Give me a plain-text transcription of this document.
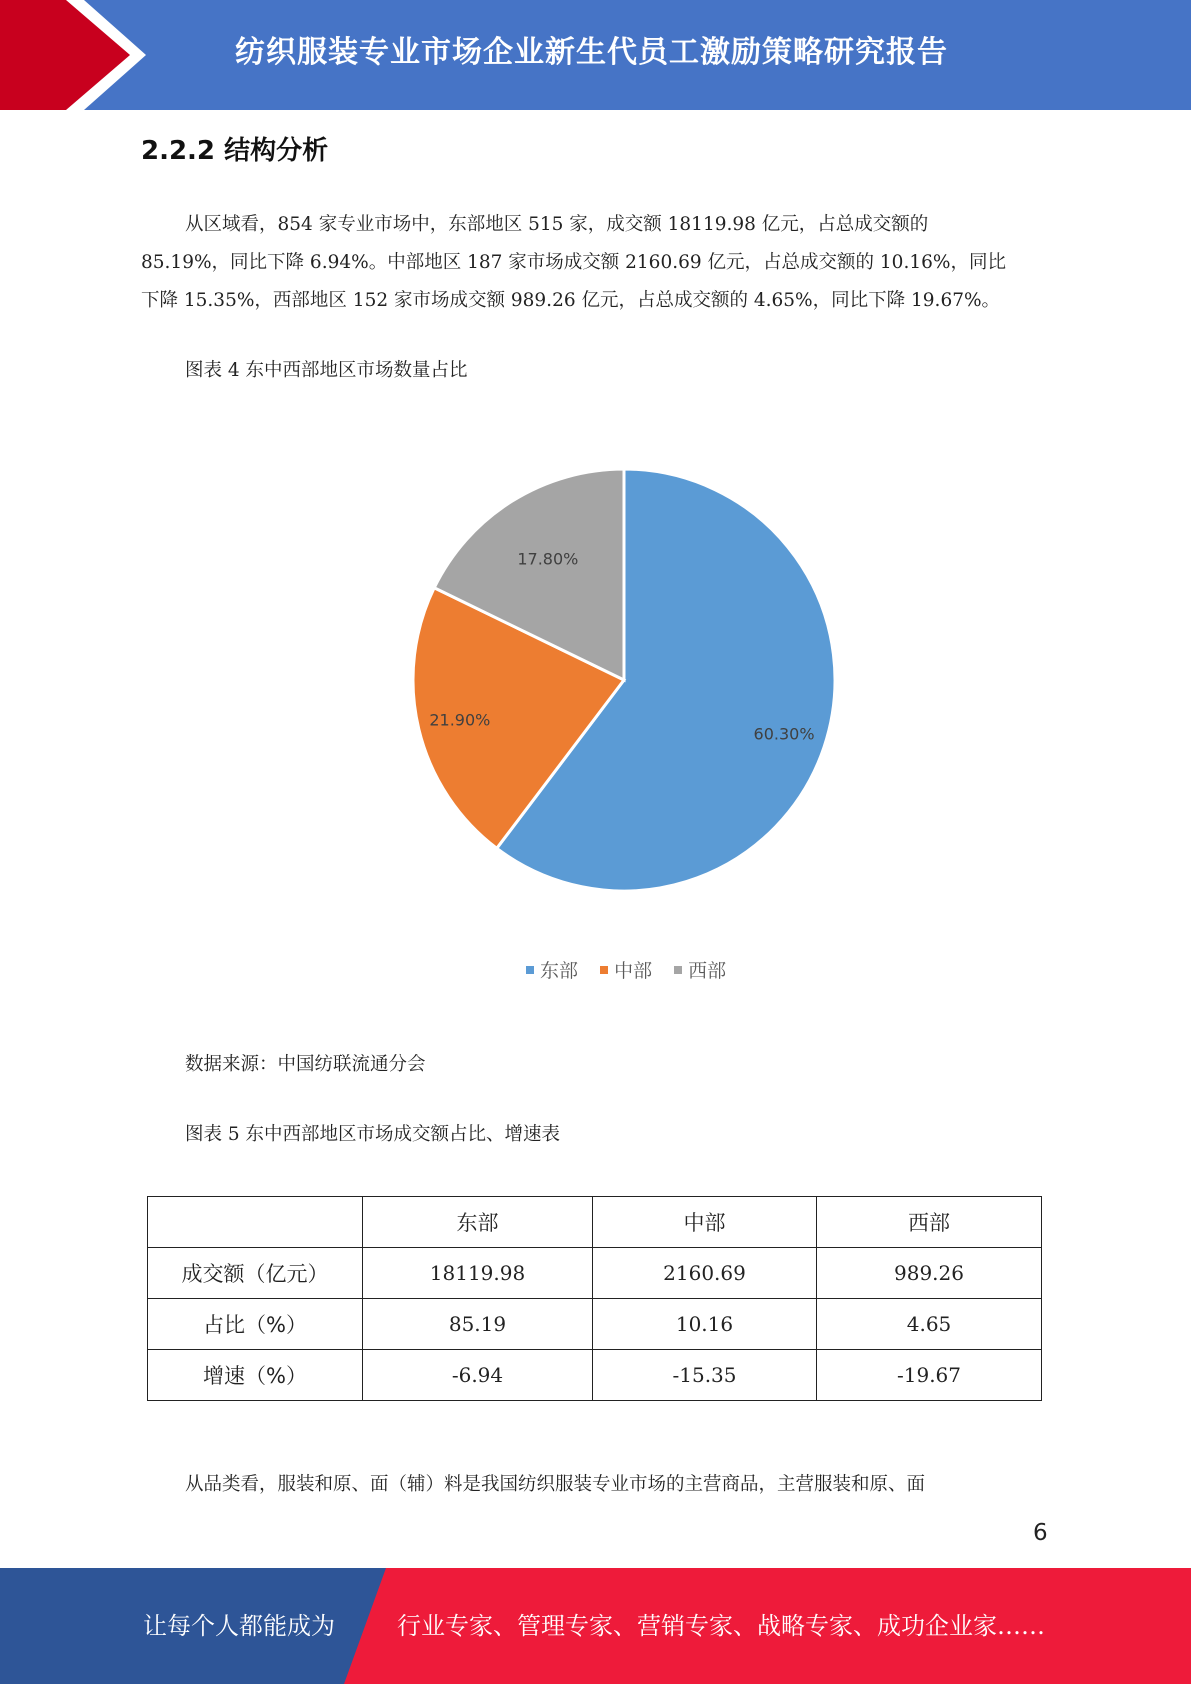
纺织服装专业市场企业新生代员工激励策略研究报告
2.2.2 结构分析
从区域看，854 家专业市场中，东部地区 515 家，成交额 18119.98 亿元，占总成交额的
85.19%，同比下降 6.94%。中部地区 187 家市场成交额 2160.69 亿元，占总成交额的 10.16%，同比
下降 15.35%，西部地区 152 家市场成交额 989.26 亿元，占总成交额的 4.65%，同比下降 19.67%。
图表 4 东中西部地区市场数量占比
60.30%
21.90%
17.80%
东部 中部 西部
数据来源：中国纺联流通分会
图表 5 东中西部地区市场成交额占比、增速表
	东部	中部	西部
成交额（亿元）	18119.98	2160.69	989.26
占比（%）	85.19	10.16	4.65
增速（%）	-6.94	-15.35	-19.67
从品类看，服装和原、面（辅）料是我国纺织服装专业市场的主营商品，主营服装和原、面
6
让每个人都能成为	行业专家、管理专家、营销专家、战略专家、成功企业家……
